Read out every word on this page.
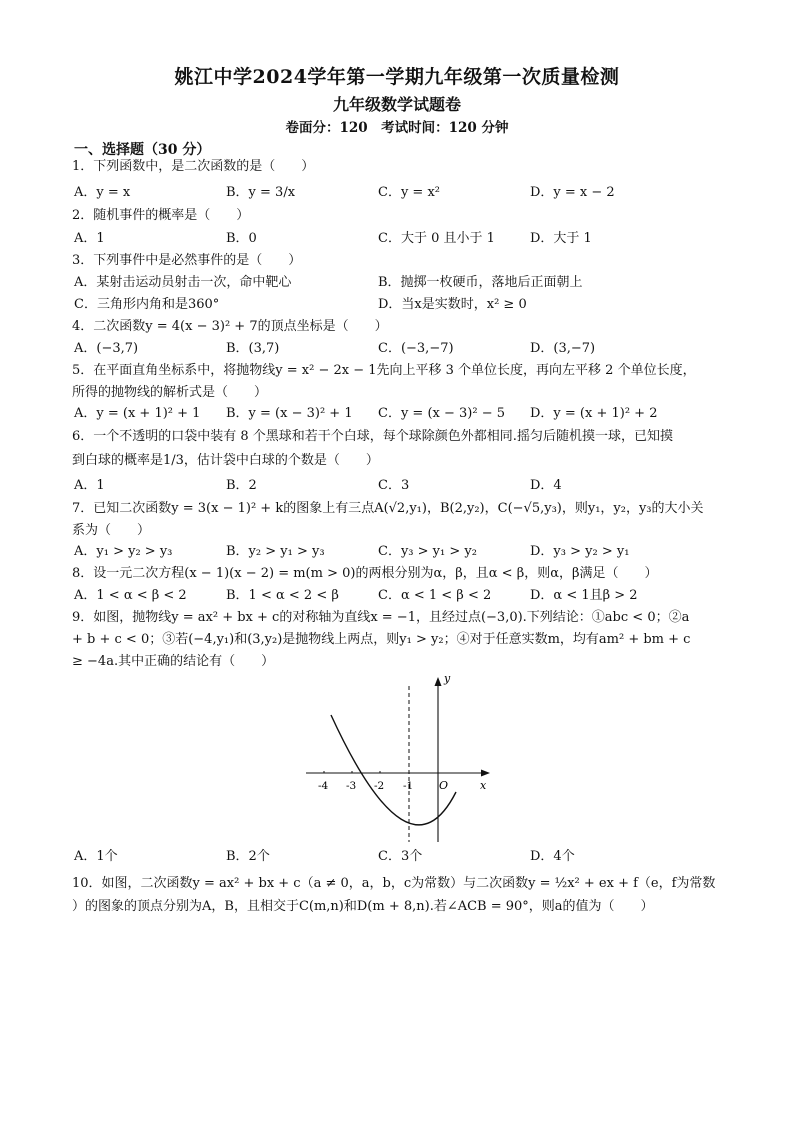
姚江中学2024学年第一学期九年级第一次质量检测
九年级数学试题卷
卷面分：120　考试时间：120 分钟
一、选择题（30 分）
1．下列函数中，是二次函数的是（　　）
A．y = x	B．y = 3/x	C．y = x²	D．y = x − 2
2．随机事件的概率是（　　）
A．1	B．0	C．大于 0 且小于 1	D．大于 1
3．下列事件中是必然事件的是（　　）
A．某射击运动员射击一次，命中靶心	B．抛掷一枚硬币，落地后正面朝上
C．三角形内角和是360°	D．当x是实数时，x² ≥ 0
4．二次函数y = 4(x − 3)² + 7的顶点坐标是（　　）
A．(−3,7)	B．(3,7)	C．(−3,−7)	D．(3,−7)
5．在平面直角坐标系中，将抛物线y = x² − 2x − 1先向上平移 3 个单位长度，再向左平移 2 个单位长度，
所得的抛物线的解析式是（　　）
A．y = (x + 1)² + 1 B．y = (x − 3)² + 1 C．y = (x − 3)² − 5 D．y = (x + 1)² + 2
6．一个不透明的口袋中装有 8 个黑球和若干个白球，每个球除颜色外都相同.摇匀后随机摸一球，已知摸
到白球的概率是1/3，估计袋中白球的个数是（　　）
A．1	B．2	C．3	D．4
7．已知二次函数y = 3(x − 1)² + k的图象上有三点A(√2,y₁)，B(2,y₂)，C(−√5,y₃)，则y₁，y₂，y₃的大小关
系为（　　）
A．y₁ > y₂ > y₃	B．y₂ > y₁ > y₃	C．y₃ > y₁ > y₂	D．y₃ > y₂ > y₁
8．设一元二次方程(x − 1)(x − 2) = m(m > 0)的两根分别为α，β，且α < β，则α，β满足（　　）
A．1 < α < β < 2	B．1 < α < 2 < β	C．α < 1 < β < 2	D．α < 1且β > 2
9．如图，抛物线y = ax² + bx + c的对称轴为直线x = −1，且经过点(−3,0).下列结论：①abc < 0；②a
+ b + c < 0；③若(−4,y₁)和(3,y₂)是抛物线上两点，则y₁ > y₂；④对于任意实数m，均有am² + bm + c
≥ −4a.其中正确的结论有（　　）
y
x
O
-4 -3 -2 -1
A．1个	B．2个	C．3个	D．4个
10．如图，二次函数y = ax² + bx + c（a ≠ 0，a，b，c为常数）与二次函数y = ½x² + ex + f（e，f为常数
）的图象的顶点分别为A，B，且相交于C(m,n)和D(m + 8,n).若∠ACB = 90°，则a的值为（　　）
